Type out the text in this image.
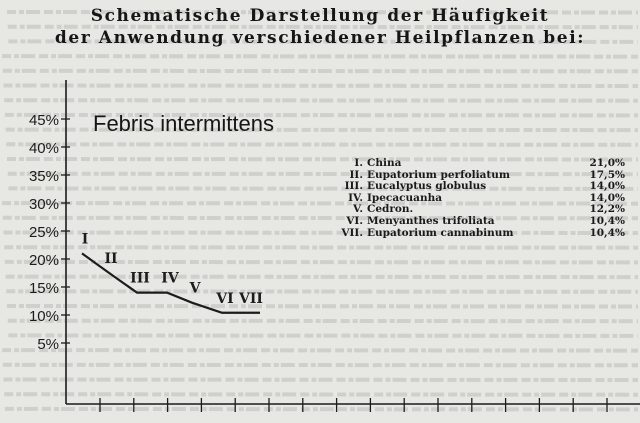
Schematische Darstellung der Häufigkeit
der Anwendung verschiedener Heilpflanzen bei:
5%
10%
15%
20%
25%
30%
35%
40%
45%
I
II
III IV
V
VI VII
Febris intermittens
I. China	21,0%
II. Eupatorium perfoliatum	17,5%
III. Eucalyptus globulus	14,0%
IV. Ipecacuanha	14,0%
V. Cedron.	12,2%
VI. Menyanthes trifoliata	10,4%
VII. Eupatorium cannabinum	10,4%
